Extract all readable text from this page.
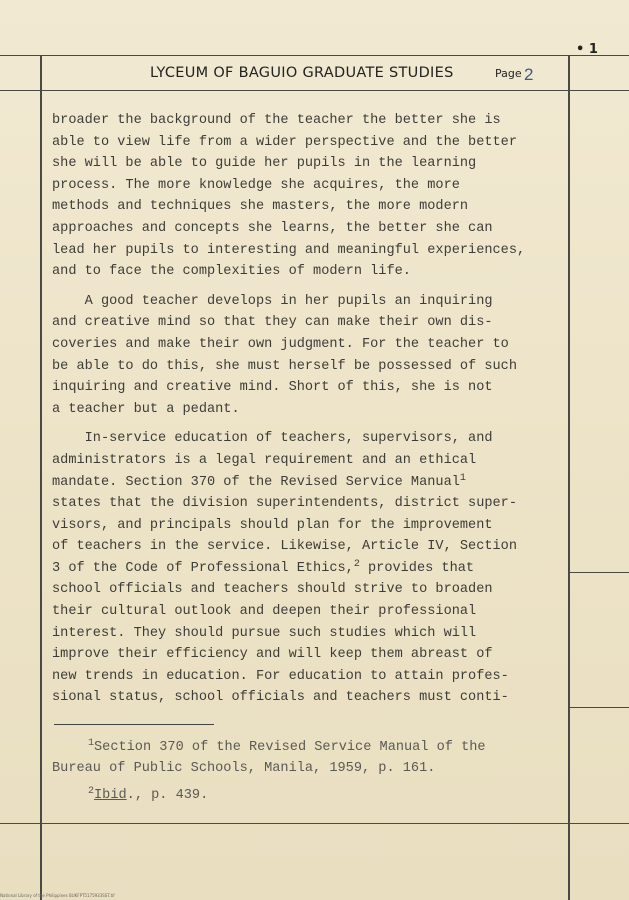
LYCEUM OF BAGUIO GRADUATE STUDIES	Page 2
• 1
broader the background of the teacher the better she is
able to view life from a wider perspective and the better
she will be able to guide her pupils in the learning
process. The more knowledge she acquires, the more
methods and techniques she masters, the more modern
approaches and concepts she learns, the better she can
lead her pupils to interesting and meaningful experiences,
and to face the complexities of modern life.
A good teacher develops in her pupils an inquiring
and creative mind so that they can make their own dis-
coveries and make their own judgment. For the teacher to
be able to do this, she must herself be possessed of such
inquiring and creative mind. Short of this, she is not
a teacher but a pedant.
In-service education of teachers, supervisors, and
administrators is a legal requirement and an ethical
mandate. Section 370 of the Revised Service Manual$^1$
states that the division superintendents, district super-
visors, and principals should plan for the improvement
of teachers in the service. Likewise, Article IV, Section
3 of the Code of Professional Ethics,$^2$ provides that
school officials and teachers should strive to broaden
their cultural outlook and deepen their professional
interest. They should pursue such studies which will
improve their efficiency and will keep them abreast of
new trends in education. For education to attain profes-
sional status, school officials and teachers must conti-
$^1$Section 370 of the Revised Service Manual of the
Bureau of Public Schools, Manila, 1959, p. 161.
$^2$Ibid., p. 439.
National Library of the Philippines BUKFPT5175933SST.tif
